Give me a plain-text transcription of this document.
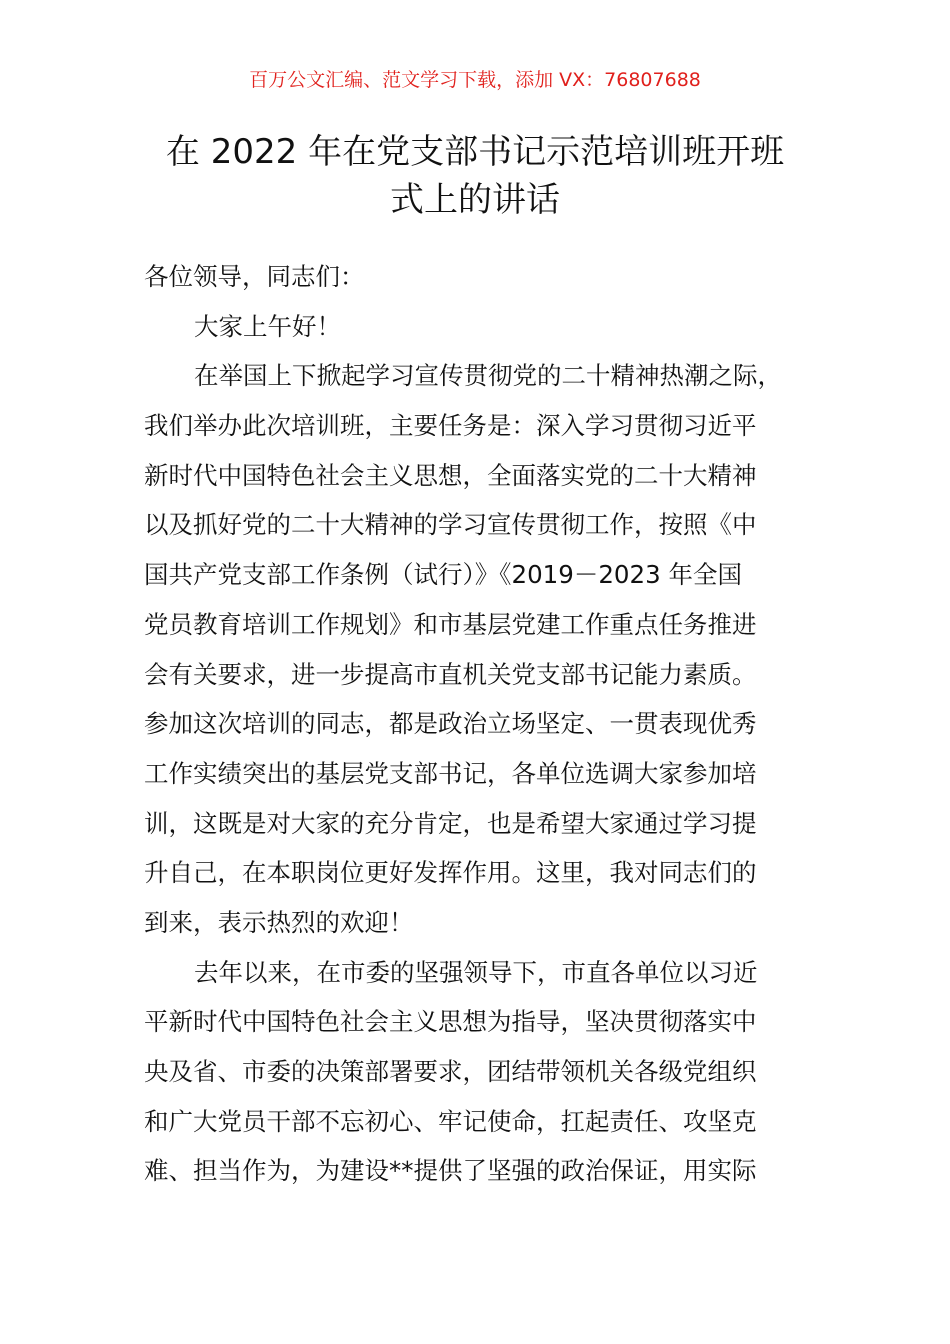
百万公文汇编、范文学习下载，添加 VX：76807688
在 2022 年在党支部书记示范培训班开班
式上的讲话
各位领导，同志们：
大家上午好！
在举国上下掀起学习宣传贯彻党的二十精神热潮之际，
我们举办此次培训班，主要任务是：深入学习贯彻习近平
新时代中国特色社会主义思想，全面落实党的二十大精神
以及抓好党的二十大精神的学习宣传贯彻工作，按照《中
国共产党支部工作条例（试行）》《2019－2023 年全国
党员教育培训工作规划》和市基层党建工作重点任务推进
会有关要求，进一步提高市直机关党支部书记能力素质。
参加这次培训的同志，都是政治立场坚定、一贯表现优秀
工作实绩突出的基层党支部书记，各单位选调大家参加培
训，这既是对大家的充分肯定，也是希望大家通过学习提
升自己，在本职岗位更好发挥作用。这里，我对同志们的
到来，表示热烈的欢迎！
去年以来，在市委的坚强领导下，市直各单位以习近
平新时代中国特色社会主义思想为指导，坚决贯彻落实中
央及省、市委的决策部署要求，团结带领机关各级党组织
和广大党员干部不忘初心、牢记使命，扛起责任、攻坚克
难、担当作为，为建设**提供了坚强的政治保证，用实际
